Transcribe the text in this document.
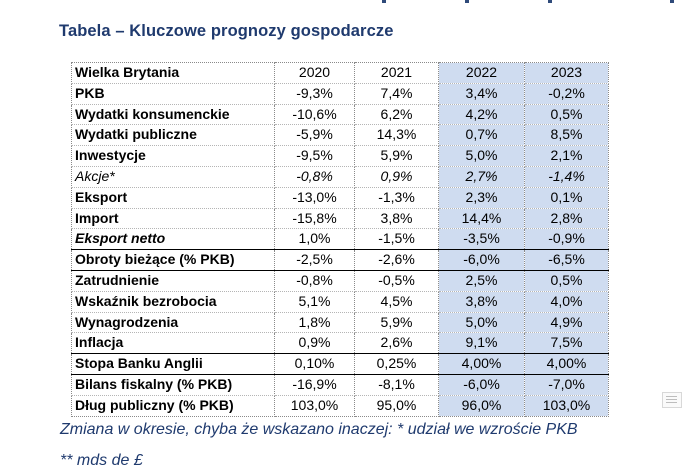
Tabela – Kluczowe prognozy gospodarcze
Wielka Brytania	2020	2021	2022	2023
PKB	-9,3%	7,4%	3,4%	-0,2%
Wydatki konsumenckie	-10,6%	6,2%	4,2%	0,5%
Wydatki publiczne	-5,9%	14,3%	0,7%	8,5%
Inwestycje	-9,5%	5,9%	5,0%	2,1%
Akcje*	-0,8%	0,9%	2,7%	-1,4%
Eksport	-13,0%	-1,3%	2,3%	0,1%
Import	-15,8%	3,8%	14,4%	2,8%
Eksport netto	1,0%	-1,5%	-3,5%	-0,9%
Obroty bieżące (% PKB)	-2,5%	-2,6%	-6,0%	-6,5%
Zatrudnienie	-0,8%	-0,5%	2,5%	0,5%
Wskaźnik bezrobocia	5,1%	4,5%	3,8%	4,0%
Wynagrodzenia	1,8%	5,9%	5,0%	4,9%
Inflacja	0,9%	2,6%	9,1%	7,5%
Stopa Banku Anglii	0,10%	0,25%	4,00%	4,00%
Bilans fiskalny (% PKB)	-16,9%	-8,1%	-6,0%	-7,0%
Dług publiczny (% PKB)	103,0%	95,0%	96,0%	103,0%
Zmiana w okresie, chyba że wskazano inaczej: * udział we wzroście PKB
** mds de £
